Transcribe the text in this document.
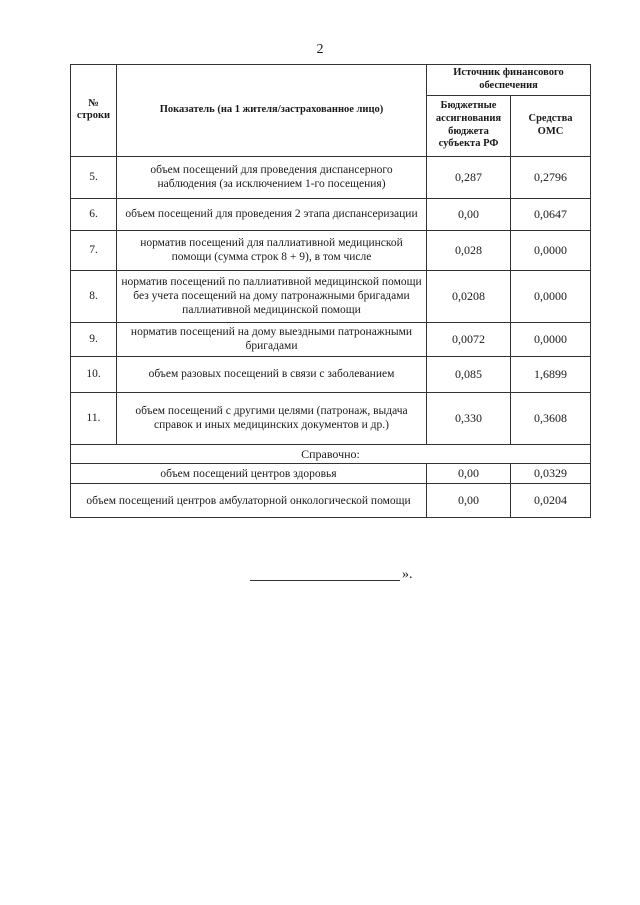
2
№ строки	Показатель (на 1 жителя/застрахованное лицо)	Источник финансового обеспечения	
		Бюджетные ассигнования бюджета субъекта РФ	Средства ОМС
5.	объем посещений для проведения диспансерного наблюдения (за исключением 1-го посещения)	0,287	0,2796
6.	объем посещений для проведения 2 этапа диспансеризации	0,00	0,0647
7.	норматив посещений для паллиативной медицинской помощи (сумма строк 8 + 9), в том числе	0,028	0,0000
8.	норматив посещений по паллиативной медицинской помощи без учета посещений на дому патронажными бригадами паллиативной медицинской помощи	0,0208	0,0000
9.	норматив посещений на дому выездными патронажными бригадами	0,0072	0,0000
10.	объем разовых посещений в связи с заболеванием	0,085	1,6899
11.	объем посещений с другими целями (патронаж, выдача справок и иных медицинских документов и др.)	0,330	0,3608
Справочно:			
объем посещений центров здоровья		0,00	0,0329
объем посещений центров амбулаторной онкологической помощи		0,00	0,0204
».
